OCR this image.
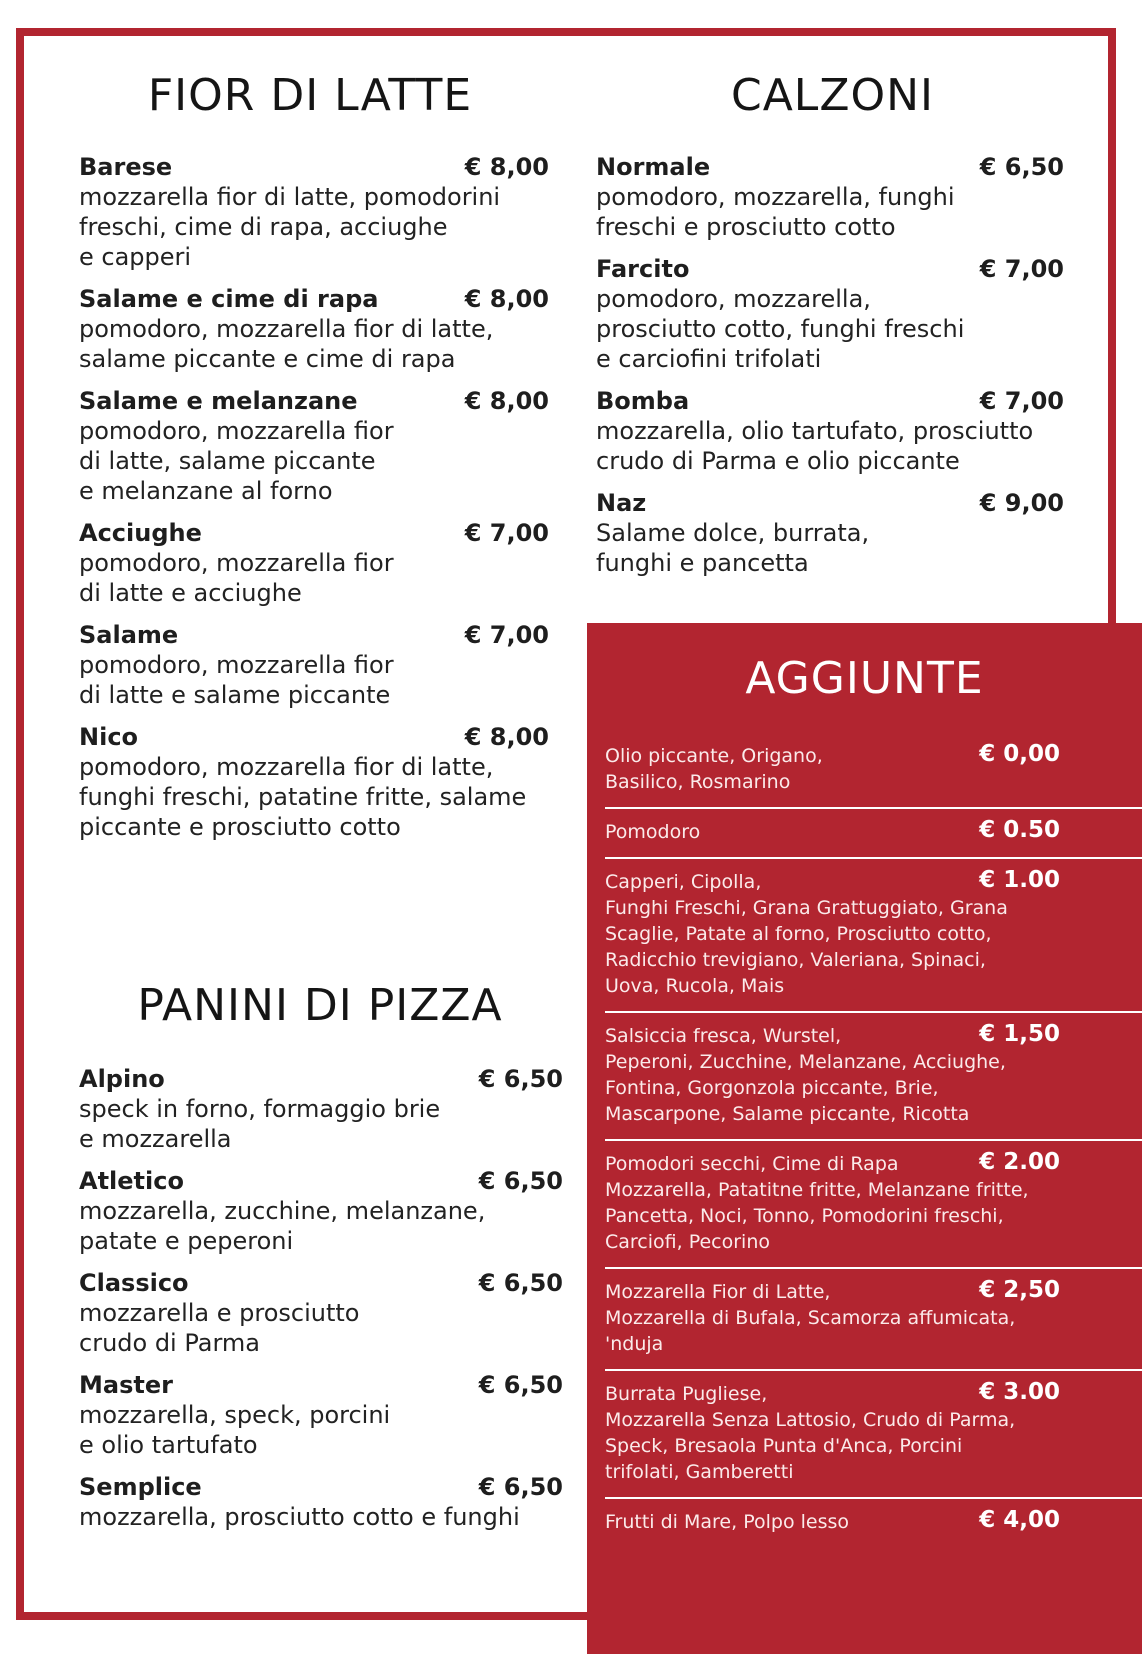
FIOR DI LATTE
Barese	€ 8,00
mozzarella fior di latte, pomodorini
freschi, cime di rapa, acciughe
e capperi
Salame e cime di rapa	€ 8,00
pomodoro, mozzarella fior di latte,
salame piccante e cime di rapa
Salame e melanzane	€ 8,00
pomodoro, mozzarella fior
di latte, salame piccante
e melanzane al forno
Acciughe	€ 7,00
pomodoro, mozzarella fior
di latte e acciughe
Salame	€ 7,00
pomodoro, mozzarella fior
di latte e salame piccante
Nico	€ 8,00
pomodoro, mozzarella fior di latte,
funghi freschi, patatine fritte, salame
piccante e prosciutto cotto
CALZONI
Normale	€ 6,50
pomodoro, mozzarella, funghi
freschi e prosciutto cotto
Farcito	€ 7,00
pomodoro, mozzarella,
prosciutto cotto, funghi freschi
e carciofini trifolati
Bomba	€ 7,00
mozzarella, olio tartufato, prosciutto
crudo di Parma e olio piccante
Naz	€ 9,00
Salame dolce, burrata,
funghi e pancetta
PANINI DI PIZZA
Alpino	€ 6,50
speck in forno, formaggio brie
e mozzarella
Atletico	€ 6,50
mozzarella, zucchine, melanzane,
patate e peperoni
Classico	€ 6,50
mozzarella e prosciutto
crudo di Parma
Master	€ 6,50
mozzarella, speck, porcini
e olio tartufato
Semplice	€ 6,50
mozzarella, prosciutto cotto e funghi
AGGIUNTE
Olio piccante, Origano,
Basilico, Rosmarino
€ 0,00
Pomodoro	€ 0.50
Capperi, Cipolla,
Funghi Freschi, Grana Grattuggiato, Grana
Scaglie, Patate al forno, Prosciutto cotto,
Radicchio trevigiano, Valeriana, Spinaci,
Uova, Rucola, Mais
€ 1.00
Salsiccia fresca, Wurstel,
Peperoni, Zucchine, Melanzane, Acciughe,
Fontina, Gorgonzola piccante, Brie,
Mascarpone, Salame piccante, Ricotta
€ 1,50
Pomodori secchi, Cime di Rapa
Mozzarella, Patatitne fritte, Melanzane fritte,
Pancetta, Noci, Tonno, Pomodorini freschi,
Carciofi, Pecorino
€ 2.00
Mozzarella Fior di Latte,
Mozzarella di Bufala, Scamorza affumicata,
'nduja
€ 2,50
Burrata Pugliese,
Mozzarella Senza Lattosio, Crudo di Parma,
Speck, Bresaola Punta d'Anca, Porcini
trifolati, Gamberetti
€ 3.00
Frutti di Mare, Polpo lesso	€ 4,00
